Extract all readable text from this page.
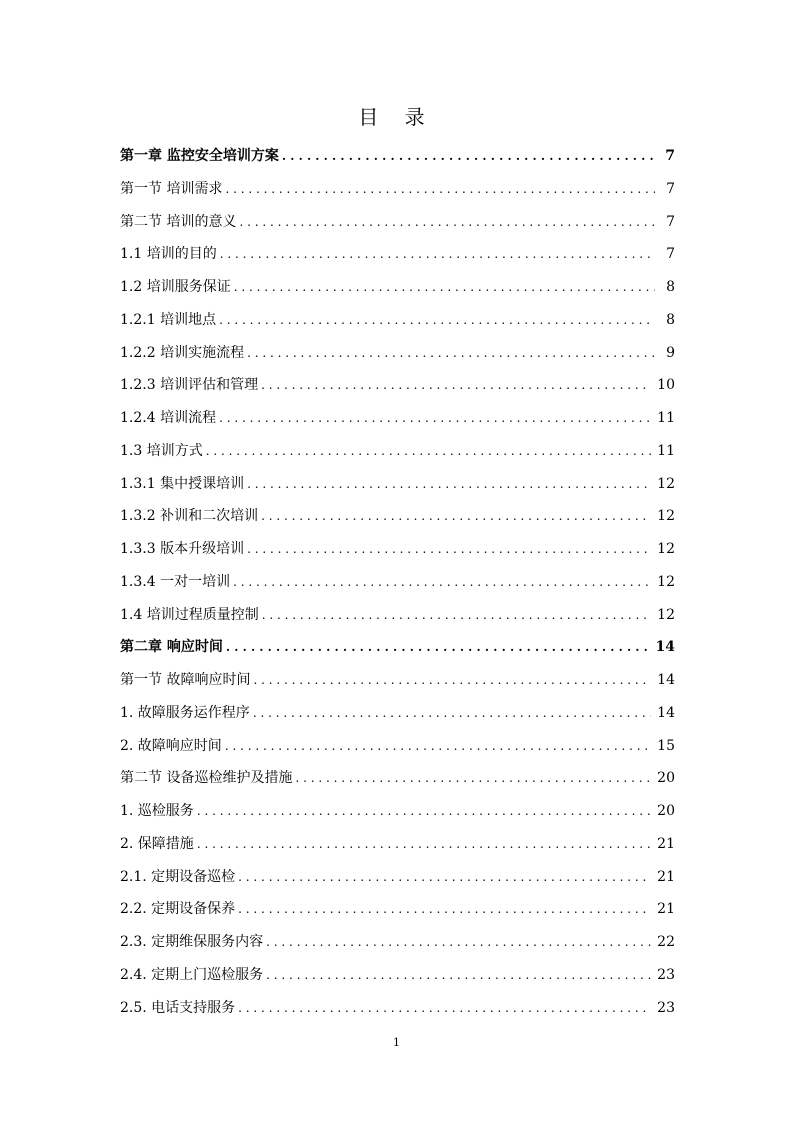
目 录
第一章 监控安全培训方案 . . .	7
第一节 培训需求 . . .	7
第二节 培训的意义 . . .	7
1.1 培训的目的 . . .	7
1.2 培训服务保证 . . .	8
1.2.1 培训地点 . . .	8
1.2.2 培训实施流程 . . .	9
1.2.3 培训评估和管理 . . .	10
1.2.4 培训流程 . . .	11
1.3 培训方式 . . .	11
1.3.1 集中授课培训 . . .	12
1.3.2 补训和二次培训 . . .	12
1.3.3 版本升级培训 . . .	12
1.3.4 一对一培训 . . .	12
1.4 培训过程质量控制 . . .	12
第二章 响应时间 . . .	14
第一节 故障响应时间 . . .	14
1. 故障服务运作程序 . . .	14
2. 故障响应时间 . . .	15
第二节 设备巡检维护及措施 . . .	20
1. 巡检服务 . . .	20
2. 保障措施 . . .	21
2.1. 定期设备巡检 . . .	21
2.2. 定期设备保养 . . .	21
2.3. 定期维保服务内容 . . .	22
2.4. 定期上门巡检服务 . . .	23
2.5. 电话支持服务 . . .	23
1
